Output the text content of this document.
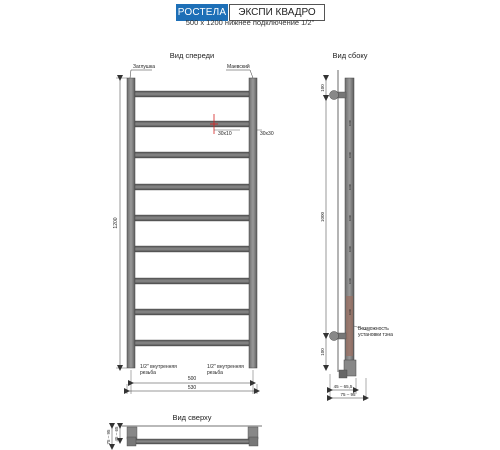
РОСТЕЛА	ЭКСПИ КВАДРО
500 x 1200 нижнее подключение 1/2"
Вид спереди
Заглушка	Маевский
30x10	30x30
1200
1/2" внутренняя
резьба
1/2" внутренняя
резьба
500
530
Вид сбоку
1000
1000
1000
1000
1000
1000
1000
100
1000
100
Возможность
установки тэна
45 – 65,5
75 – 95
Вид сверху
75 – 95 45 – 65
